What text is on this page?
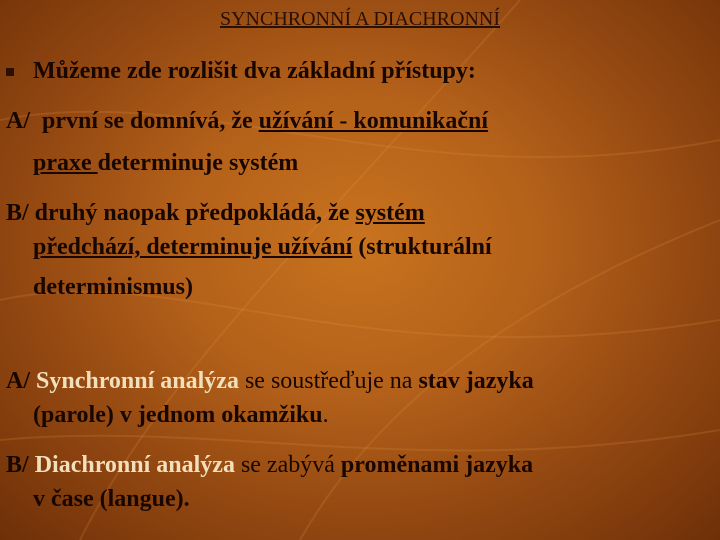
SYNCHRONNÍ A DIACHRONNÍ
Můžeme zde rozlišit dva základní přístupy:
A/  první se domnívá, že užívání - komunikační
praxe determinuje systém
B/ druhý naopak předpokládá, že systém
předchází, determinuje užívání (strukturální
determinismus)
A/ Synchronní analýza se soustřeďuje na stav jazyka
(parole) v jednom okamžiku.
B/ Diachronní analýza se zabývá proměnami jazyka
v čase (langue).
